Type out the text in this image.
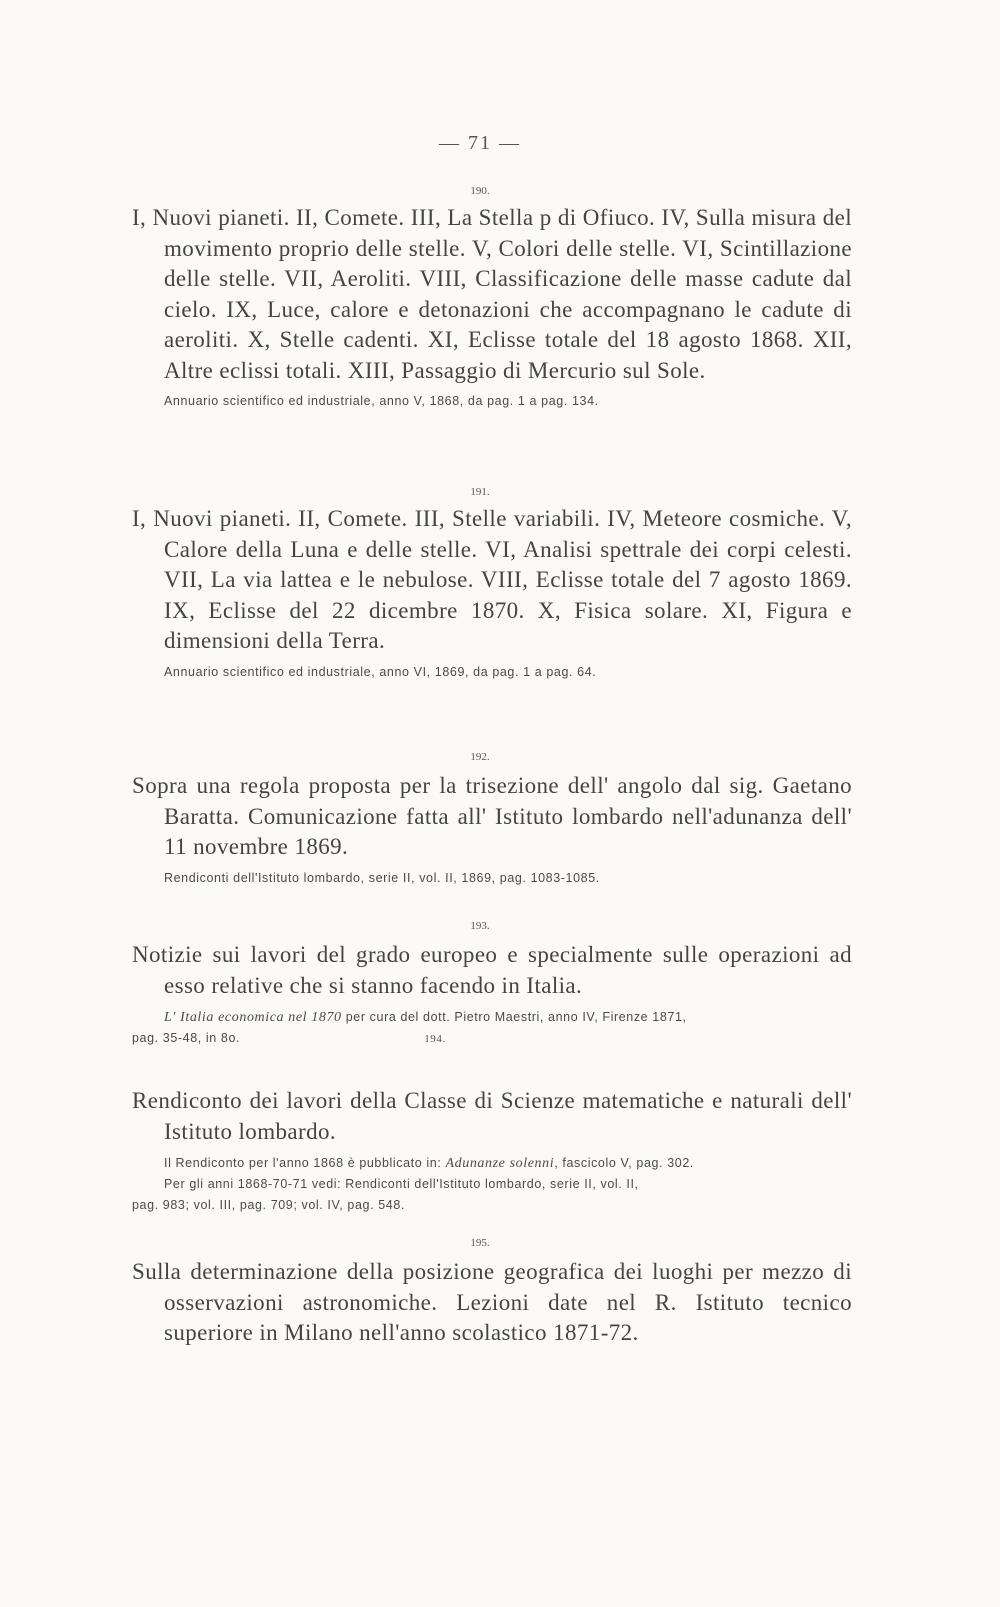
— 71 —
190.
I, Nuovi pianeti. II, Comete. III, La Stella p di Ofiuco. IV, Sulla misura del movimento proprio delle stelle. V, Colori delle stelle. VI, Scintillazione delle stelle. VII, Aeroliti. VIII, Classificazione delle masse cadute dal cielo. IX, Luce, calore e detonazioni che accompagnano le cadute di aeroliti. X, Stelle cadenti. XI, Eclisse totale del 18 agosto 1868. XII, Altre eclissi totali. XIII, Passaggio di Mercurio sul Sole.
Annuario scientifico ed industriale, anno V, 1868, da pag. 1 a pag. 134.
191.
I, Nuovi pianeti. II, Comete. III, Stelle variabili. IV, Meteore cosmiche. V, Calore della Luna e delle stelle. VI, Analisi spettrale dei corpi celesti. VII, La via lattea e le nebulose. VIII, Eclisse totale del 7 agosto 1869. IX, Eclisse del 22 dicembre 1870. X, Fisica solare. XI, Figura e dimensioni della Terra.
Annuario scientifico ed industriale, anno VI, 1869, da pag. 1 a pag. 64.
192.
Sopra una regola proposta per la trisezione dell' angolo dal sig. Gaetano Baratta. Comunicazione fatta all' Istituto lombardo nell'adunanza dell' 11 novembre 1869.
Rendiconti dell'Istituto lombardo, serie II, vol. II, 1869, pag. 1083-1085.
193.
Notizie sui lavori del grado europeo e specialmente sulle operazioni ad esso relative che si stanno facendo in Italia.
L' Italia economica nel 1870 per cura del dott. Pietro Maestri, anno IV, Firenze 1871,
pag. 35-48, in 8o.	194.
Rendiconto dei lavori della Classe di Scienze matematiche e naturali dell' Istituto lombardo.
Il Rendiconto per l'anno 1868 è pubblicato in: Adunanze solenni, fascicolo V, pag. 302.
Per gli anni 1868-70-71 vedi: Rendiconti dell'Istituto lombardo, serie II, vol. II,
pag. 983; vol. III, pag. 709; vol. IV, pag. 548.
195.
Sulla determinazione della posizione geografica dei luoghi per mezzo di osservazioni astronomiche. Lezioni date nel R. Istituto tecnico superiore in Milano nell'anno scolastico 1871-72.
